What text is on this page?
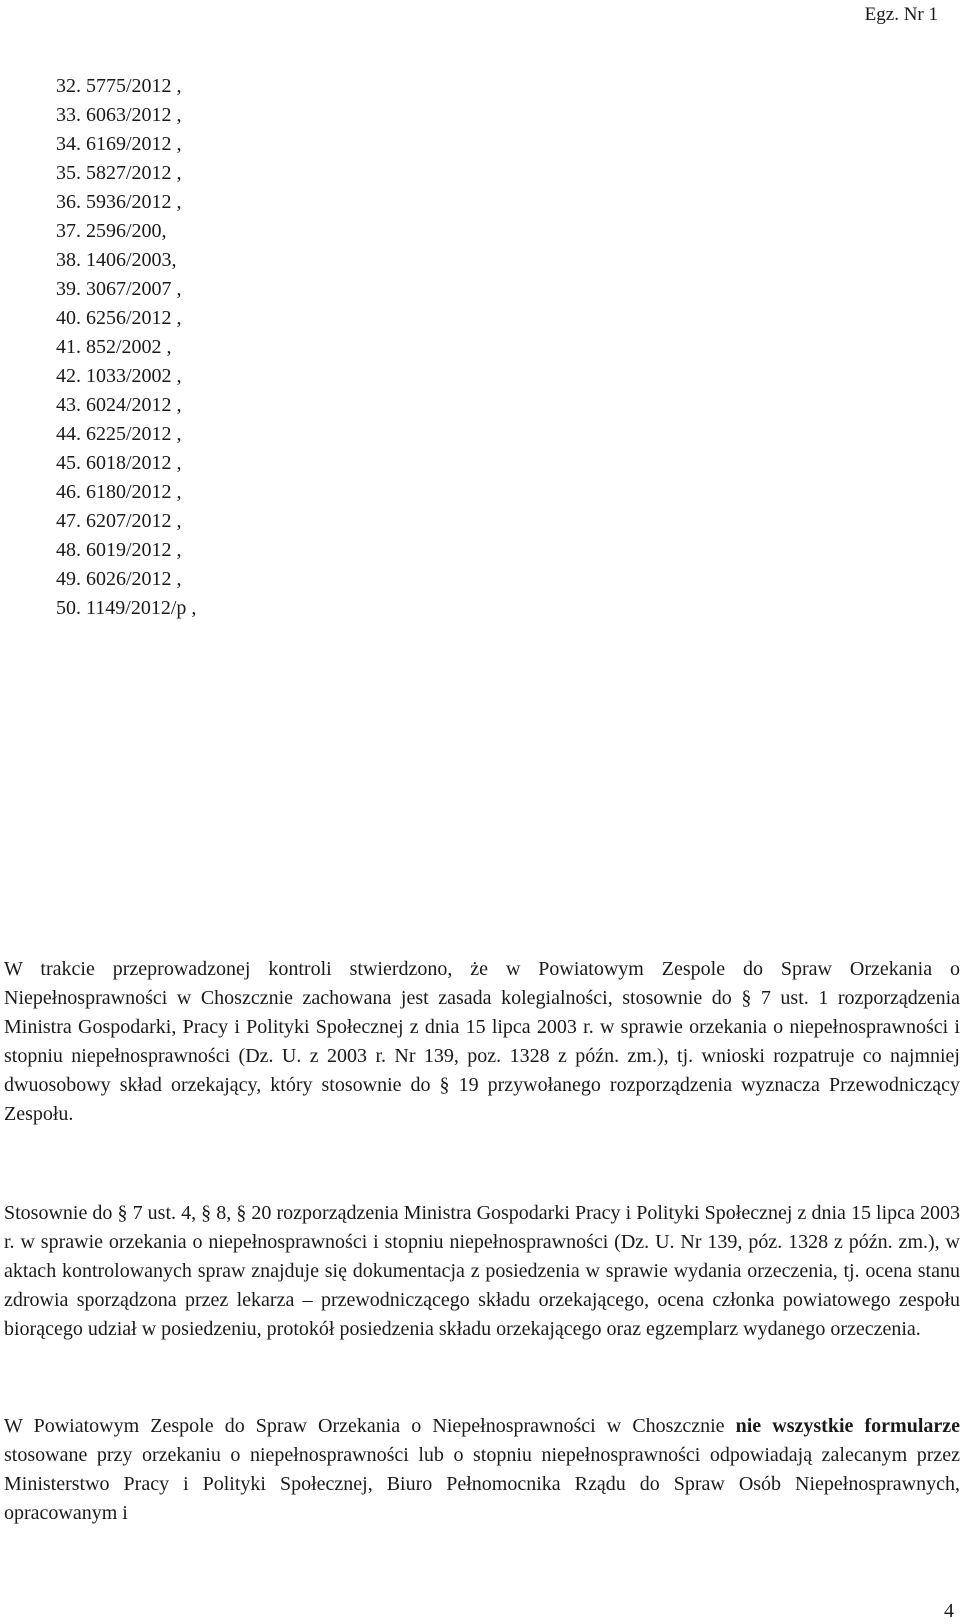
Egz. Nr 1
32. 5775/2012 ,
33. 6063/2012 ,
34. 6169/2012 ,
35. 5827/2012 ,
36. 5936/2012 ,
37. 2596/200,
38. 1406/2003,
39. 3067/2007 ,
40. 6256/2012 ,
41. 852/2002 ,
42. 1033/2002 ,
43. 6024/2012 ,
44. 6225/2012 ,
45. 6018/2012 ,
46. 6180/2012 ,
47. 6207/2012 ,
48. 6019/2012 ,
49. 6026/2012 ,
50. 1149/2012/p ,

W trakcie przeprowadzonej kontroli stwierdzono, że w Powiatowym Zespole do Spraw Orzekania o Niepełnosprawności w Choszcznie zachowana jest zasada kolegialności, stosownie do § 7 ust. 1 rozporządzenia Ministra Gospodarki, Pracy i Polityki Społecznej z dnia 15 lipca 2003 r. w sprawie orzekania o niepełnosprawności i stopniu niepełnosprawności (Dz. U. z 2003 r. Nr 139, poz. 1328 z późn. zm.), tj. wnioski rozpatruje co najmniej dwuosobowy skład orzekający, który stosownie do § 19 przywołanego rozporządzenia wyznacza Przewodniczący Zespołu.

Stosownie do § 7 ust. 4, § 8, § 20 rozporządzenia Ministra Gospodarki Pracy i Polityki Społecznej z dnia 15 lipca 2003 r. w sprawie orzekania o niepełnosprawności i stopniu niepełnosprawności (Dz. U. Nr 139, póz. 1328 z późn. zm.), w aktach kontrolowanych spraw znajduje się dokumentacja z posiedzenia w sprawie wydania orzeczenia, tj. ocena stanu zdrowia sporządzona przez lekarza – przewodniczącego składu orzekającego, ocena członka powiatowego zespołu biorącego udział w posiedzeniu, protokół posiedzenia składu orzekającego oraz egzemplarz wydanego orzeczenia.

W Powiatowym Zespole do Spraw Orzekania o Niepełnosprawności w Choszcznie nie wszystkie formularze stosowane przy orzekaniu o niepełnosprawności lub o stopniu niepełnosprawności odpowiadają zalecanym przez Ministerstwo Pracy i Polityki Społecznej, Biuro Pełnomocnika Rządu do Spraw Osób Niepełnosprawnych, opracowanym i

4
